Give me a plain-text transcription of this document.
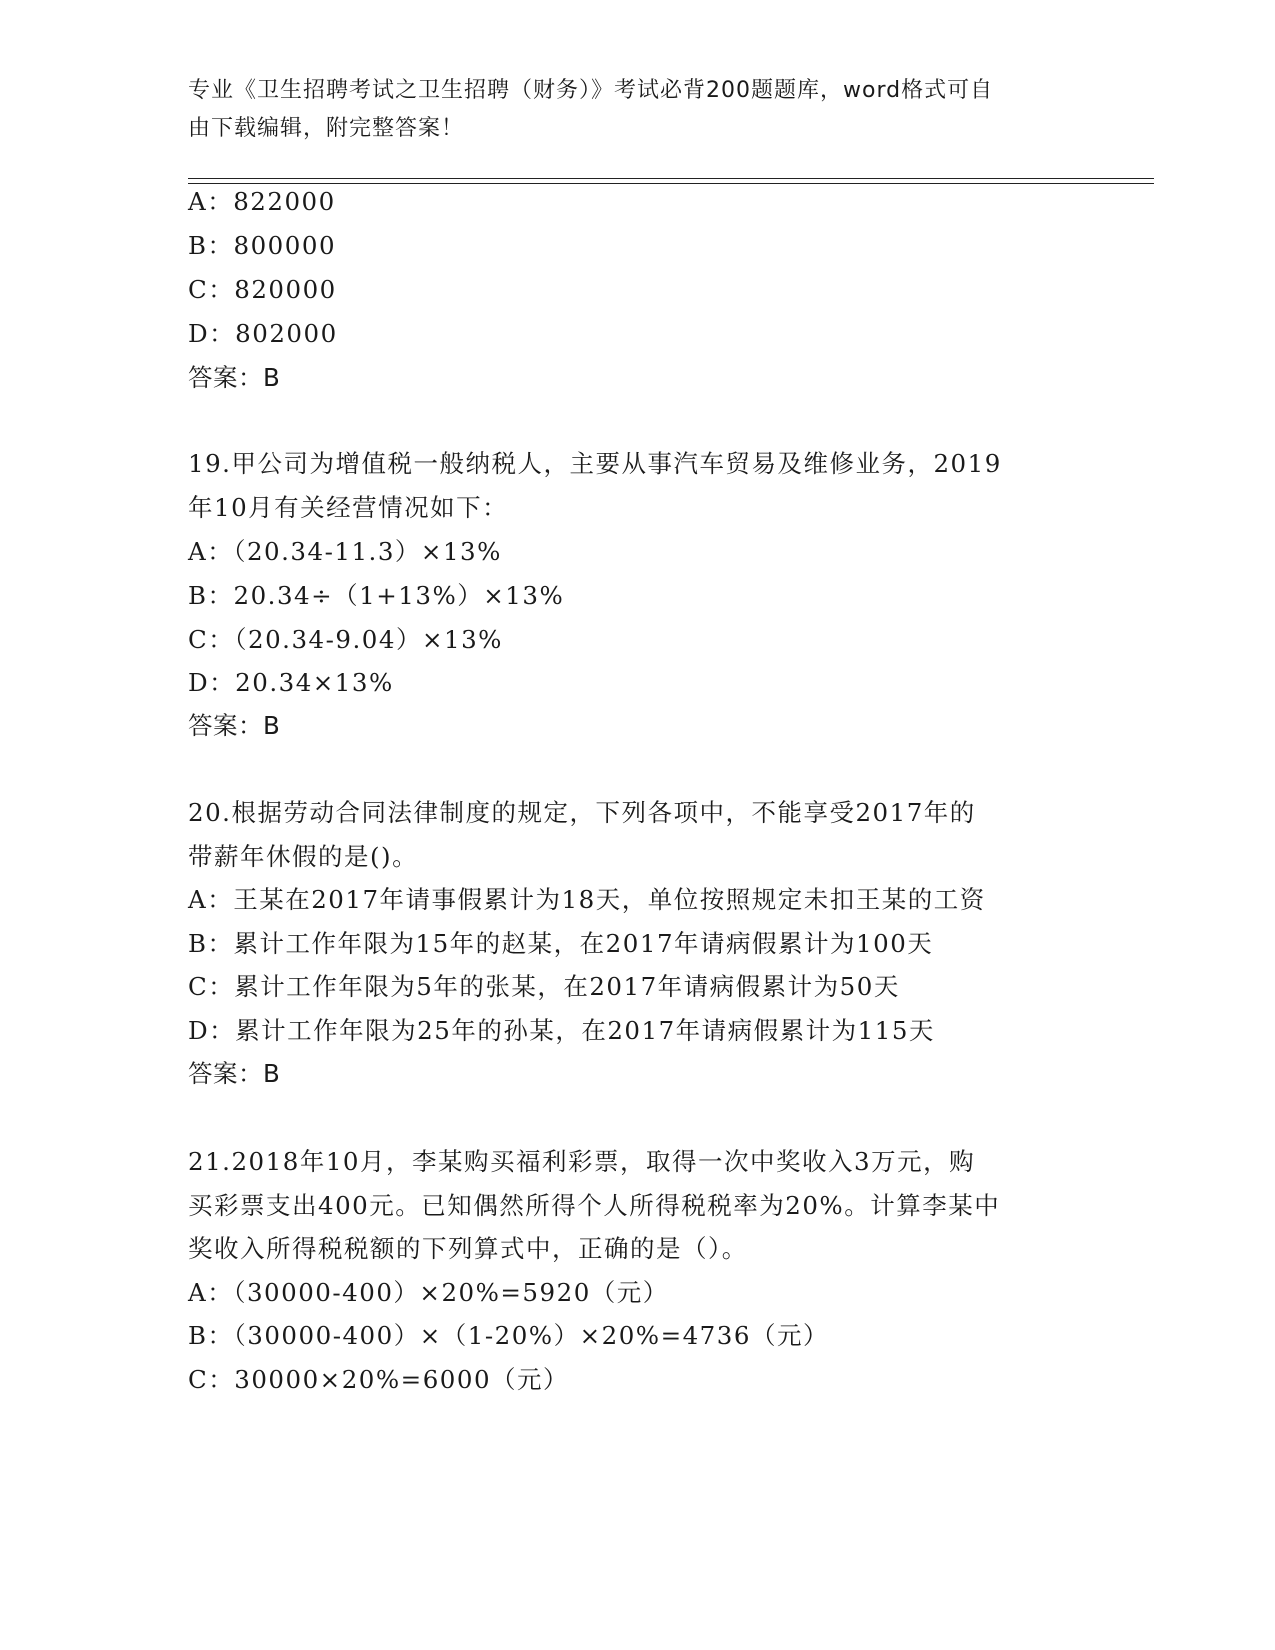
专业《卫生招聘考试之卫生招聘（财务）》考试必背200题题库，word格式可自
由下载编辑，附完整答案！
A：822000
B：800000
C：820000
D：802000
答案：B
19.甲公司为增值税一般纳税人，主要从事汽车贸易及维修业务，2019
年10月有关经营情况如下：
A：（20.34-11.3）×13%
B：20.34÷（1+13%）×13%
C：（20.34-9.04）×13%
D：20.34×13%
答案：B
20.根据劳动合同法律制度的规定，下列各项中，不能享受2017年的
带薪年休假的是()。
A：王某在2017年请事假累计为18天，单位按照规定未扣王某的工资
B：累计工作年限为15年的赵某，在2017年请病假累计为100天
C：累计工作年限为5年的张某，在2017年请病假累计为50天
D：累计工作年限为25年的孙某，在2017年请病假累计为115天
答案：B
21.2018年10月，李某购买福利彩票，取得一次中奖收入3万元，购
买彩票支出400元。已知偶然所得个人所得税税率为20%。计算李某中
奖收入所得税税额的下列算式中，正确的是（）。
A：（30000-400）×20%=5920（元）
B：（30000-400）×（1-20%）×20%=4736（元）
C：30000×20%=6000（元）
